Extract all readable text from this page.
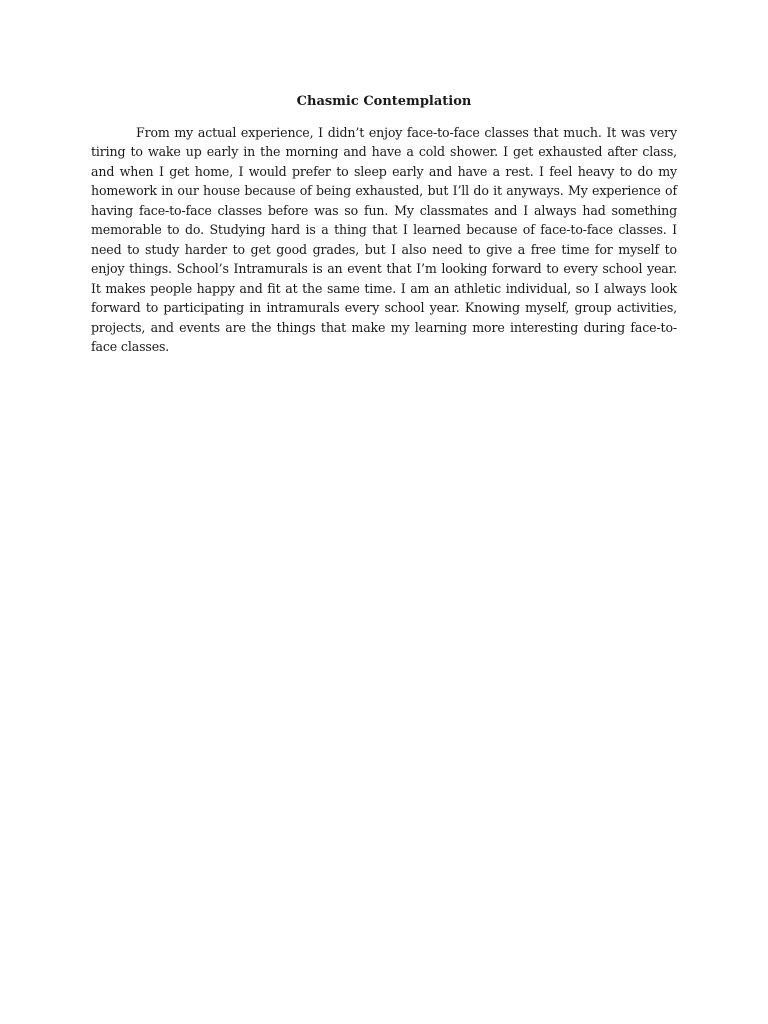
Chasmic Contemplation

From my actual experience, I didn’t enjoy face-to-face classes that much. It was very tiring to wake up early in the morning and have a cold shower. I get exhausted after class, and when I get home, I would prefer to sleep early and have a rest. I feel heavy to do my homework in our house because of being exhausted, but I’ll do it anyways. My experience of having face-to-face classes before was so fun. My classmates and I always had something memorable to do. Studying hard is a thing that I learned because of face-to-face classes. I need to study harder to get good grades, but I also need to give a free time for myself to enjoy things. School’s Intramurals is an event that I’m looking forward to every school year. It makes people happy and fit at the same time. I am an athletic individual, so I always look forward to participating in intramurals every school year. Knowing myself, group activities, projects, and events are the things that make my learning more interesting during face-to-face classes.
